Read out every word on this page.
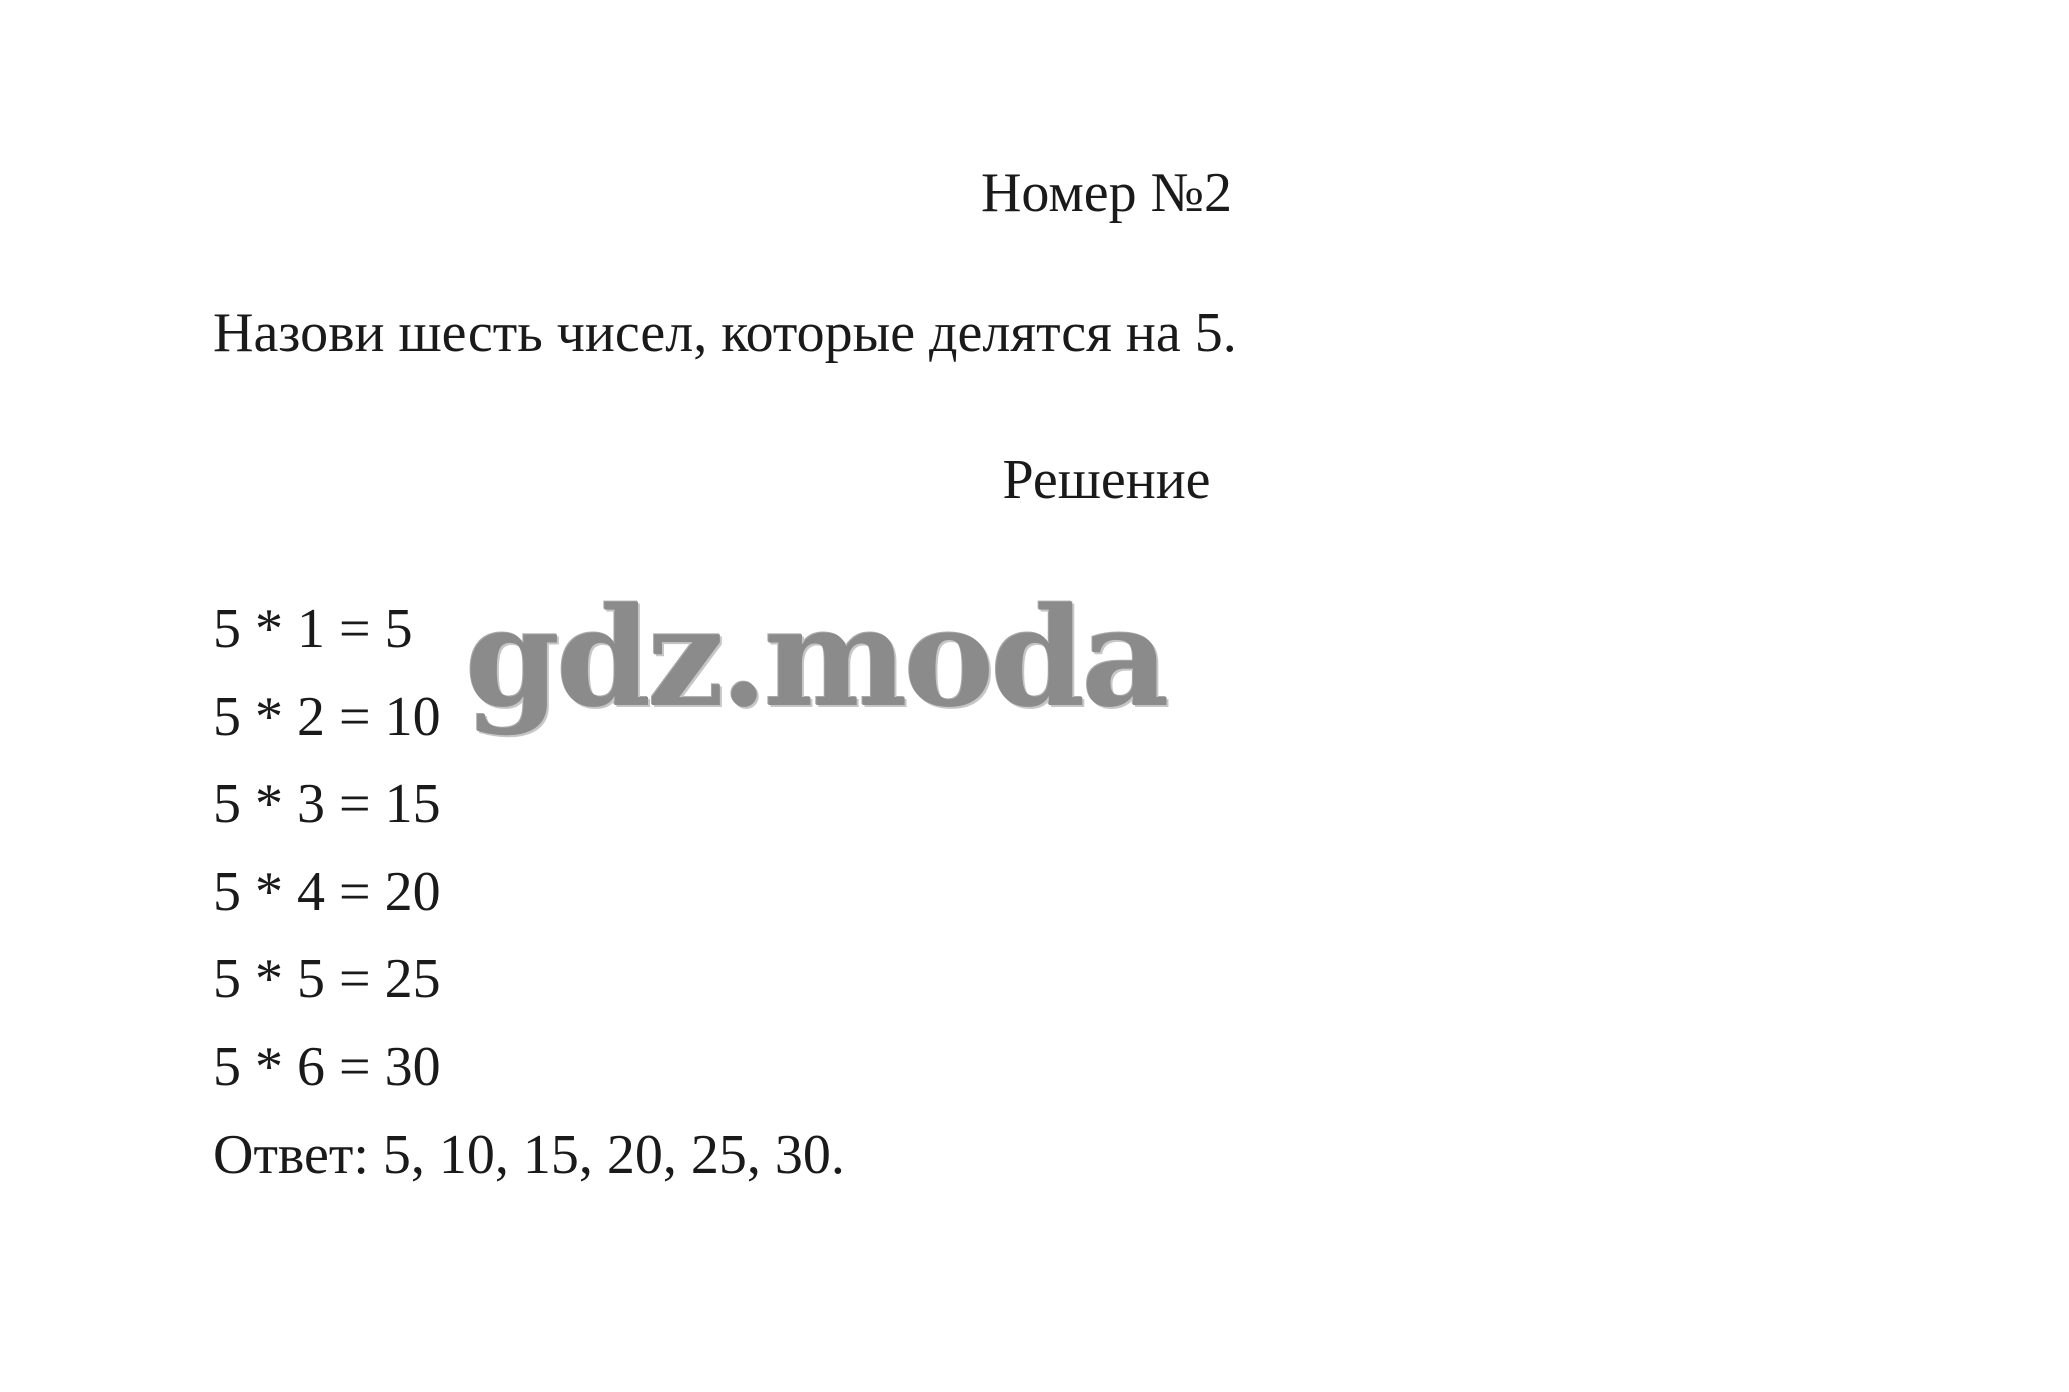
Номер №2

Назови шесть чисел, которые делятся на 5.

Решение
5 * 1 = 5
5 * 2 = 10
5 * 3 = 15
5 * 4 = 20
5 * 5 = 25
5 * 6 = 30

Ответ: 5, 10, 15, 20, 25, 30.

gdz.moda
